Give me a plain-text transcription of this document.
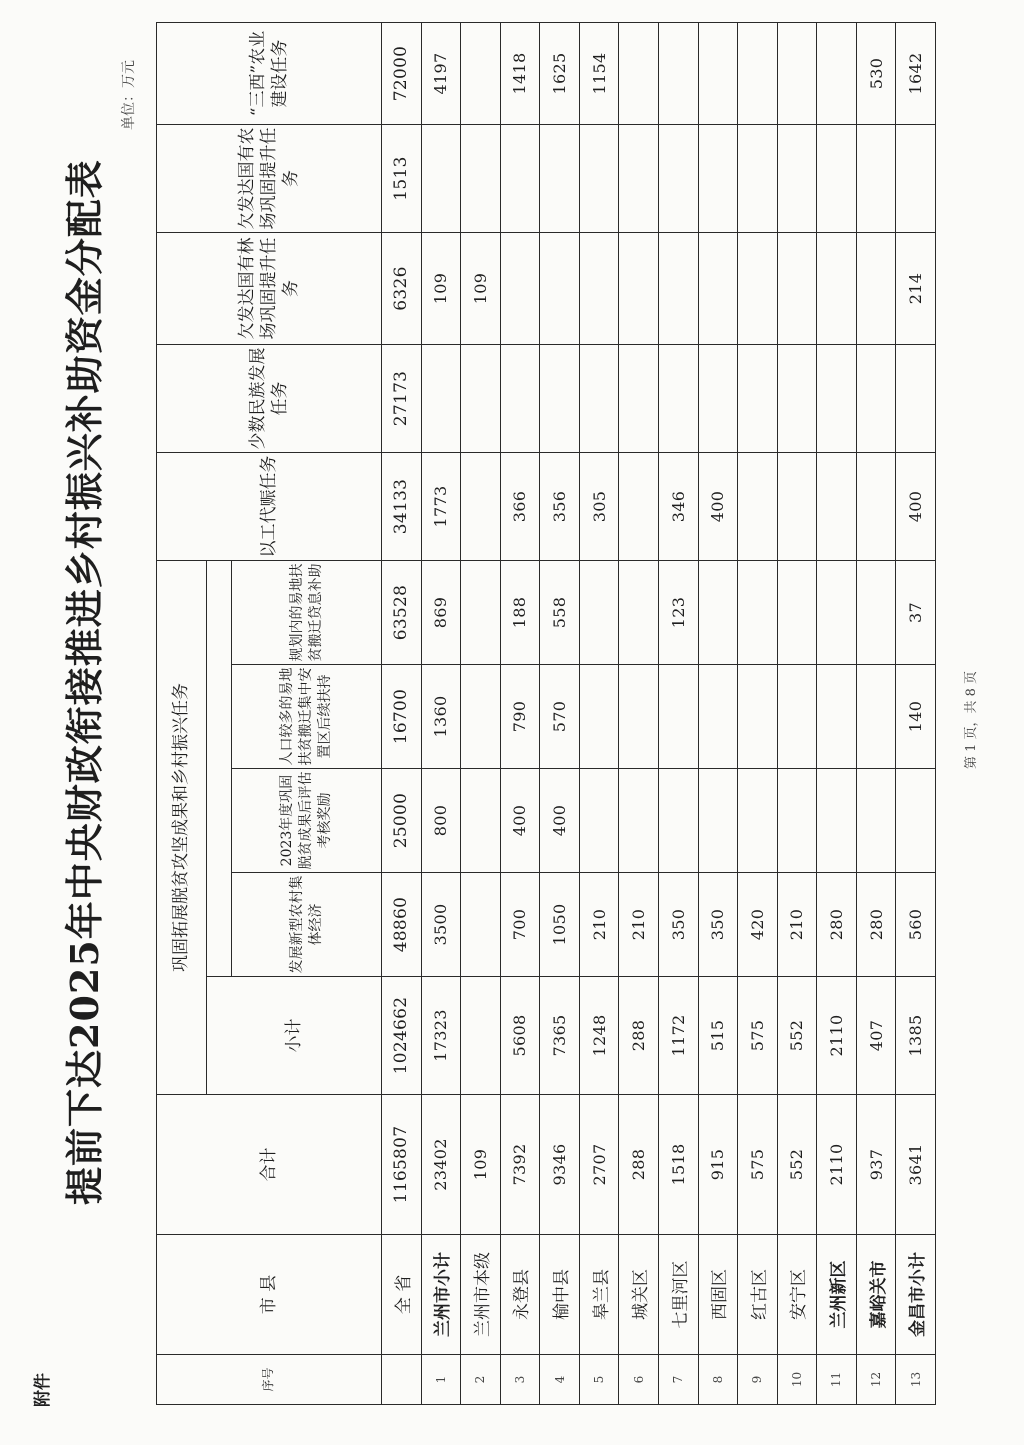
附件
提前下达2025年中央财政衔接推进乡村振兴补助资金分配表
单位：万元
序号	市 县	合计	巩固拓展脱贫攻坚成果和乡村振兴任务					以工代赈任务	少数民族发展任务	欠发达国有林场巩固提升任务	欠发达国有农场巩固提升任务	“三西”农业建设任务
			小计									
				发展新型农村集体经济	2023年度巩固脱贫成果后评估考核奖励	人口较多的易地扶贫搬迁集中安置区后续扶持	规划内的易地扶贫搬迁贷息补助					
	全 省	1165807	1024662	48860	25000	16700	63528	34133	27173	6326	1513	72000
1	兰州市小计	23402	17323	3500	800	1360	869	1773		109		4197
2	兰州市本级	109								109		
3	永登县	7392	5608	700	400	790	188	366				1418
4	榆中县	9346	7365	1050	400	570	558	356				1625
5	皋兰县	2707	1248	210				305				1154
6	城关区	288	288	210								
7	七里河区	1518	1172	350			123	346				
8	西固区	915	515	350				400				
9	红古区	575	575	420								
10	安宁区	552	552	210								
11	兰州新区	2110	2110	280								
12	嘉峪关市	937	407	280								530
13	金昌市小计	3641	1385	560		140	37	400		214		1642
第 1 页，共 8 页
